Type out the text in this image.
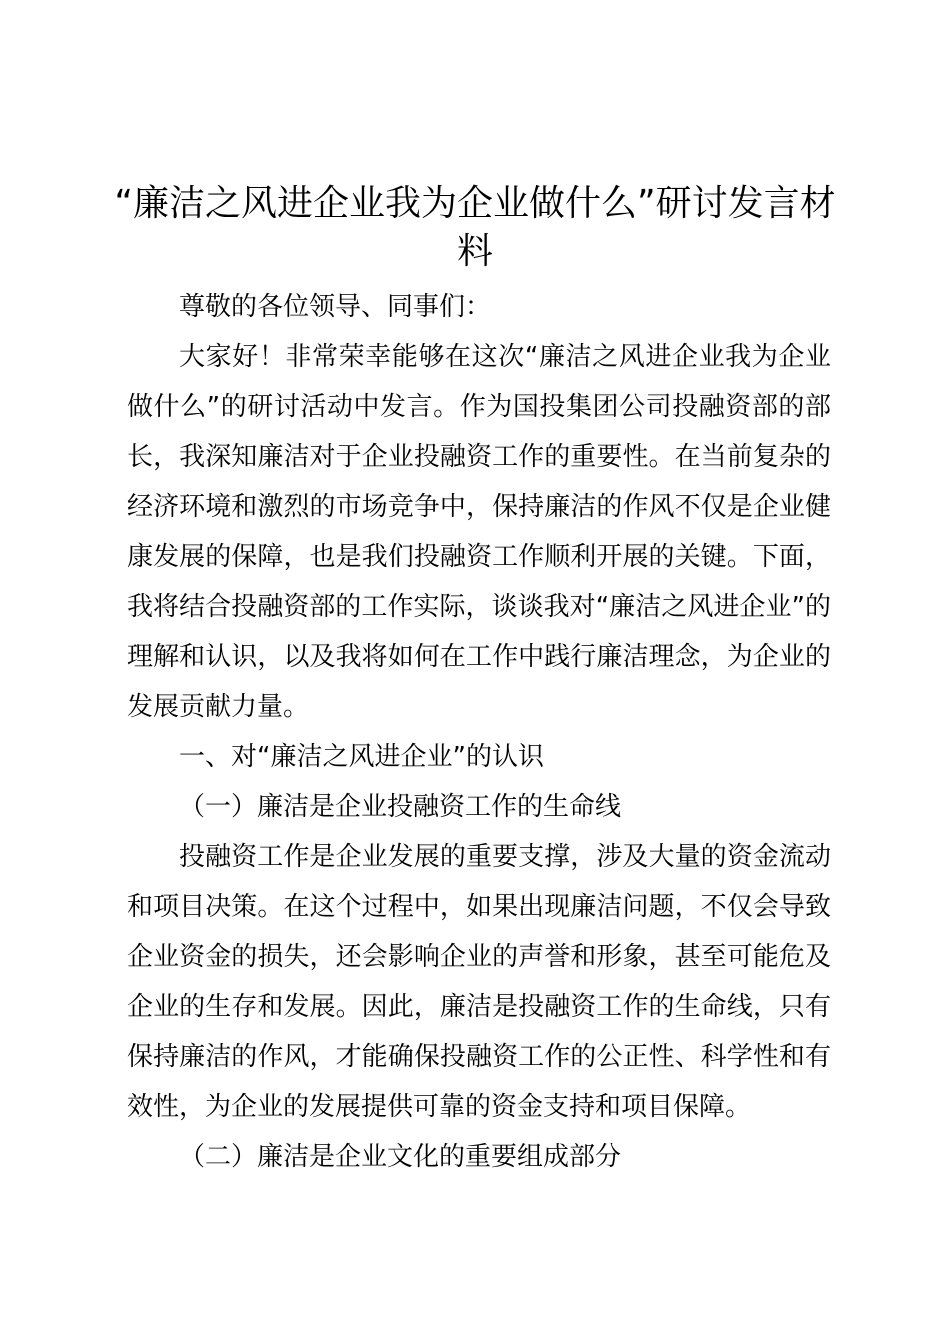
“廉洁之风进企业我为企业做什么”研讨发言材料

尊敬的各位领导、同事们：

大家好！非常荣幸能够在这次“廉洁之风进企业我为企业做什么”的研讨活动中发言。作为国投集团公司投融资部的部长，我深知廉洁对于企业投融资工作的重要性。在当前复杂的经济环境和激烈的市场竞争中，保持廉洁的作风不仅是企业健康发展的保障，也是我们投融资工作顺利开展的关键。下面，我将结合投融资部的工作实际，谈谈我对“廉洁之风进企业”的理解和认识，以及我将如何在工作中践行廉洁理念，为企业的发展贡献力量。

一、对“廉洁之风进企业”的认识

（一）廉洁是企业投融资工作的生命线

投融资工作是企业发展的重要支撑，涉及大量的资金流动和项目决策。在这个过程中，如果出现廉洁问题，不仅会导致企业资金的损失，还会影响企业的声誉和形象，甚至可能危及企业的生存和发展。因此，廉洁是投融资工作的生命线，只有保持廉洁的作风，才能确保投融资工作的公正性、科学性和有效性，为企业的发展提供可靠的资金支持和项目保障。

（二）廉洁是企业文化的重要组成部分
